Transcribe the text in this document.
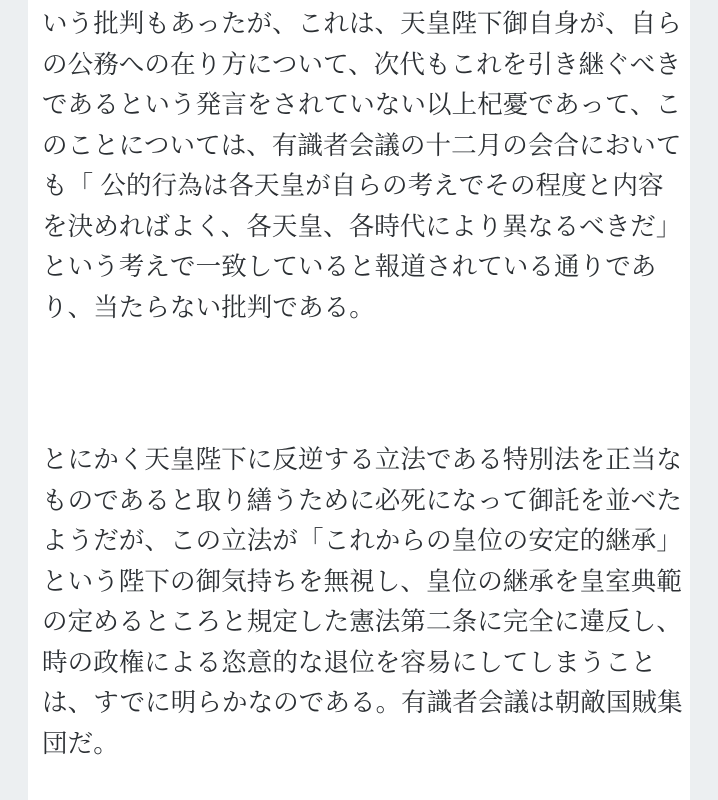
いう批判もあったが、これは、天皇陛下御自身が、自らの公務への在り方について、次代もこれを引き継ぐべきであるという発言をされていない以上杞憂であって、このことについては、有識者会議の十二月の会合においても「 公的行為は各天皇が自らの考えでその程度と内容を決めればよく、各天皇、各時代により異なるべきだ」という考えで一致していると報道されている通りであり、当たらない批判である。

とにかく天皇陛下に反逆する立法である特別法を正当なものであると取り繕うために必死になって御託を並べたようだが、この立法が「これからの皇位の安定的継承」という陛下の御気持ちを無視し、皇位の継承を皇室典範の定めるところと規定した憲法第二条に完全に違反し、時の政権による恣意的な退位を容易にしてしまうことは、すでに明らかなのである。有識者会議は朝敵国賊集団だ。
